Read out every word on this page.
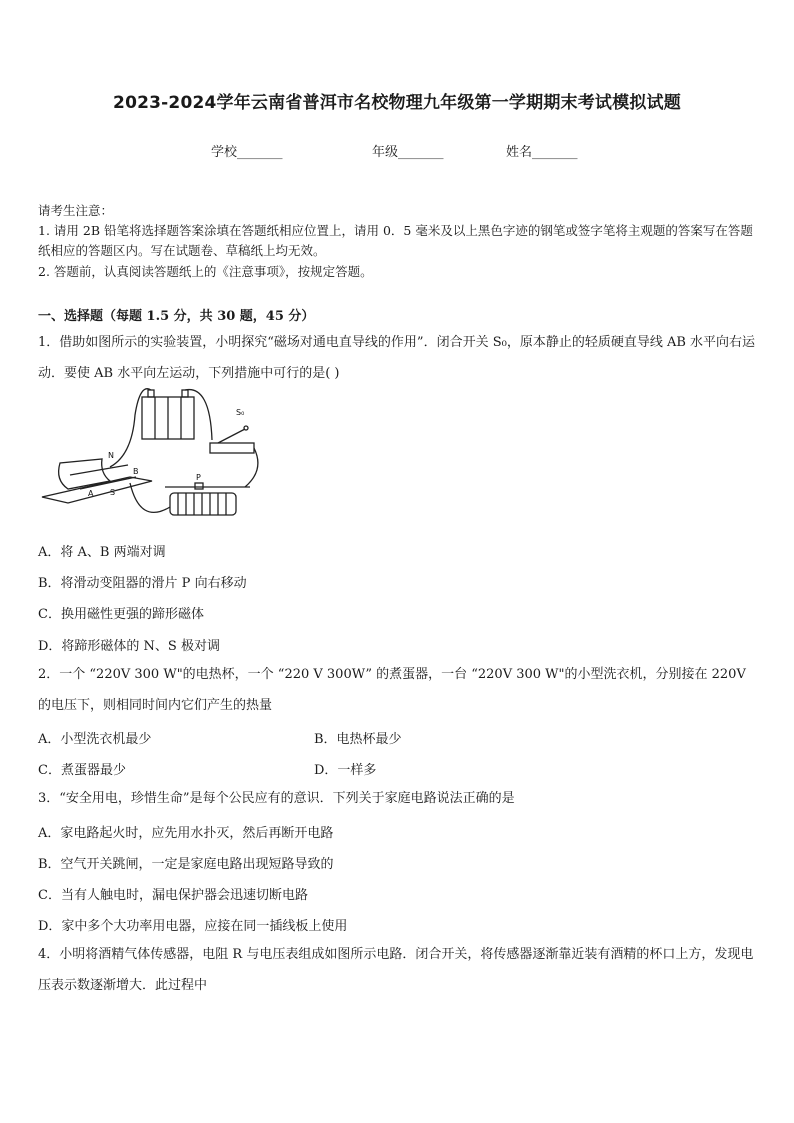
2023-2024学年云南省普洱市名校物理九年级第一学期期末考试模拟试题
学校_______	年级_______	姓名_______
请考生注意：
1. 请用 2B 铅笔将选择题答案涂填在答题纸相应位置上，请用 0．5 毫米及以上黑色字迹的钢笔或签字笔将主观题的答案写在答题纸相应的答题区内。写在试题卷、草稿纸上均无效。
2. 答题前，认真阅读答题纸上的《注意事项》，按规定答题。
一、选择题（每题 1.5 分，共 30 题，45 分）
1．借助如图所示的实验装置，小明探究“磁场对通电直导线的作用”．闭合开关 S₀，原本静止的轻质硬直导线 AB 水平向右运动．要使 AB 水平向左运动，下列措施中可行的是( )
S₀
N
S
A
B
P
A．将 A、B 两端对调
B．将滑动变阻器的滑片 P 向右移动
C．换用磁性更强的蹄形磁体
D．将蹄形磁体的 N、S 极对调
2．一个 “220V 300 W"的电热杯，一个 “220 V 300W” 的煮蛋器，一台 “220V 300 W"的小型洗衣机，分别接在 220V 的电压下，则相同时间内它们产生的热量
A．小型洗衣机最少	B．电热杯最少
C．煮蛋器最少	D．一样多
3．“安全用电，珍惜生命”是每个公民应有的意识．下列关于家庭电路说法正确的是
A．家电路起火时，应先用水扑灭，然后再断开电路
B．空气开关跳闸，一定是家庭电路出现短路导致的
C．当有人触电时，漏电保护器会迅速切断电路
D．家中多个大功率用电器，应接在同一插线板上使用
4．小明将酒精气体传感器，电阻 R 与电压表组成如图所示电路．闭合开关，将传感器逐渐靠近装有酒精的杯口上方，发现电压表示数逐渐增大．此过程中
